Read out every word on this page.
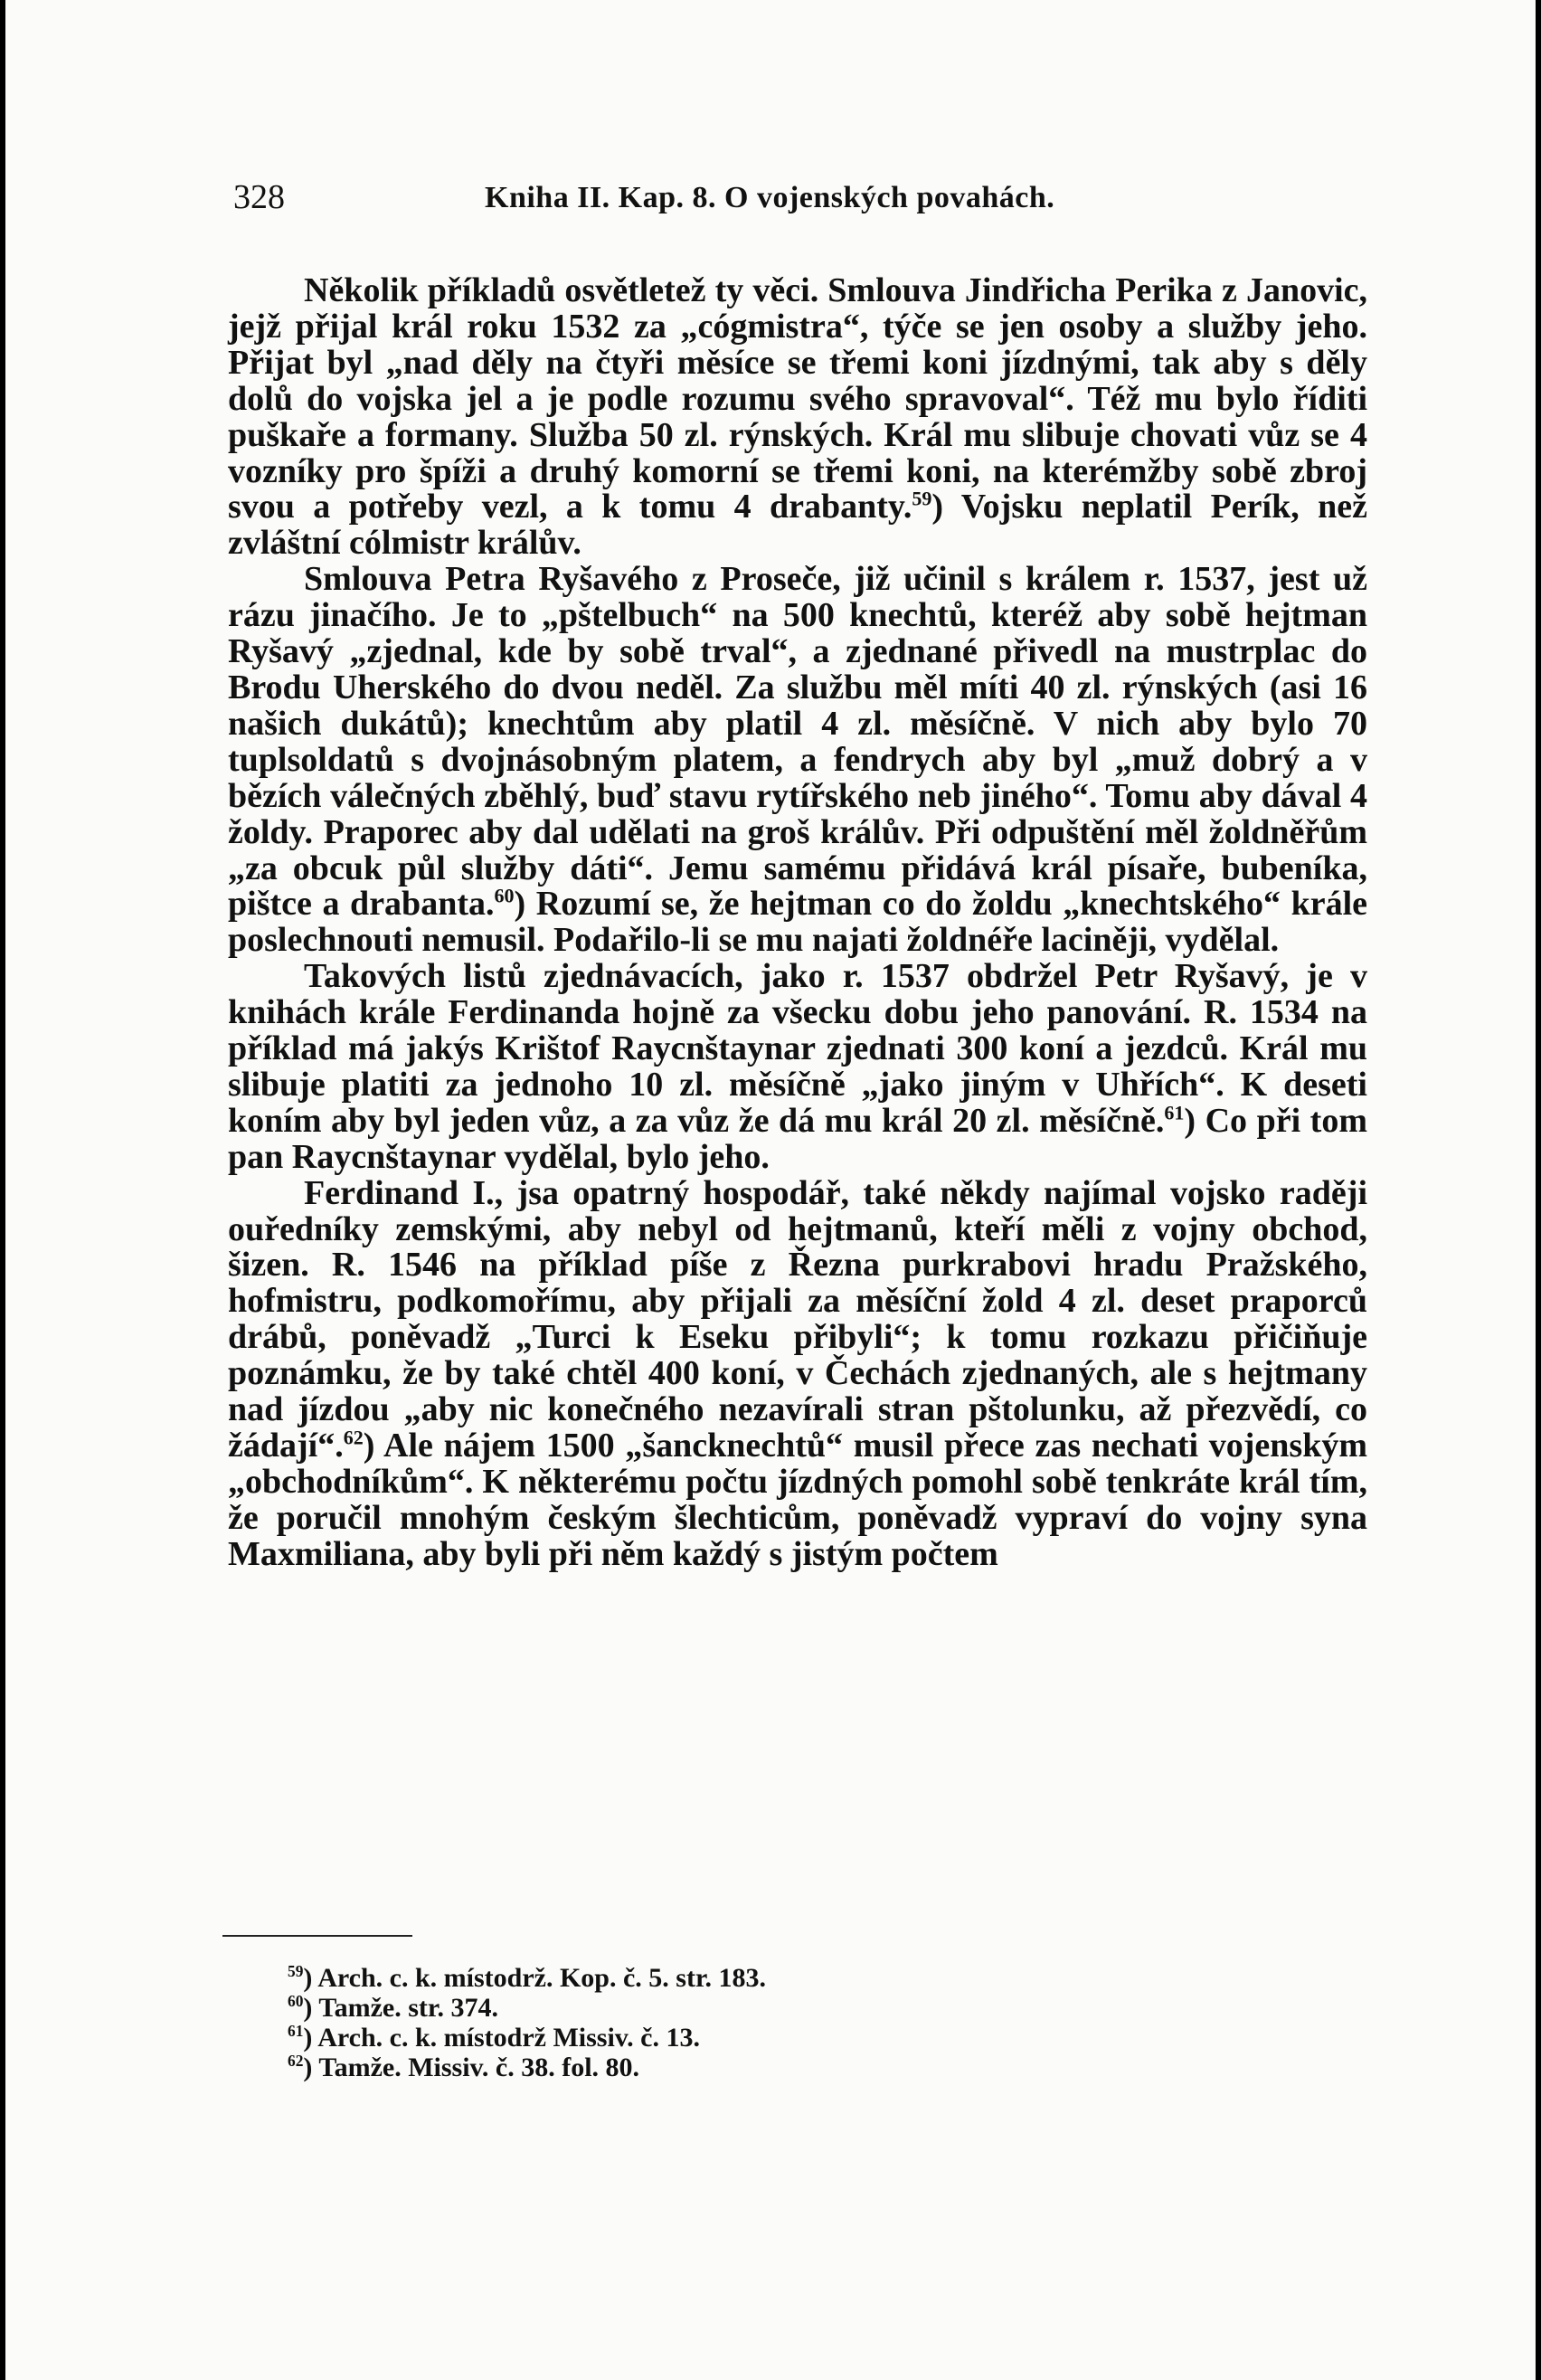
328	Kniha II. Kap. 8. O vojenských povahách.

Několik příkladů osvětletež ty věci. Smlouva Jindřicha Perika z Janovic, jejž přijal král roku 1532 za „cógmistra“, týče se jen osoby a služby jeho. Přijat byl „nad děly na čtyři měsíce se třemi koni jízdnými, tak aby s děly dolů do vojska jel a je podle rozumu svého spravoval“. Též mu bylo říditi puškaře a formany. Služba 50 zl. rýnských. Král mu slibuje chovati vůz se 4 vozníky pro špíži a druhý komorní se třemi koni, na kterémžby sobě zbroj svou a potřeby vezl, a k tomu 4 drabanty.$^{59}$) Vojsku neplatil Perík, než zvláštní cólmistr králův.

Smlouva Petra Ryšavého z Proseče, již učinil s králem r. 1537, jest už rázu jinačího. Je to „pštelbuch“ na 500 knechtů, kteréž aby sobě hejtman Ryšavý „zjednal, kde by sobě trval“, a zjednané přivedl na mustrplac do Brodu Uherského do dvou neděl. Za službu měl míti 40 zl. rýnských (asi 16 našich dukátů); knechtům aby platil 4 zl. měsíčně. V nich aby bylo 70 tuplsoldatů s dvojnásobným platem, a fendrych aby byl „muž dobrý a v bězích válečných zběhlý, buď stavu rytířského neb jiného“. Tomu aby dával 4 žoldy. Praporec aby dal udělati na groš králův. Při odpuštění měl žoldněřům „za obcuk půl služby dáti“. Jemu samému přidává král písaře, bubeníka, pištce a drabanta.$^{60}$) Rozumí se, že hejtman co do žoldu „knechtského“ krále poslechnouti nemusil. Podařilo-li se mu najati žoldnéře laciněji, vydělal.

Takových listů zjednávacích, jako r. 1537 obdržel Petr Ryšavý, je v knihách krále Ferdinanda hojně za všecku dobu jeho panování. R. 1534 na příklad má jakýs Krištof Raycnštaynar zjednati 300 koní a jezdců. Král mu slibuje platiti za jednoho 10 zl. měsíčně „jako jiným v Uhřích“. K deseti koním aby byl jeden vůz, a za vůz že dá mu král 20 zl. měsíčně.$^{61}$) Co při tom pan Raycnštaynar vydělal, bylo jeho.

Ferdinand I., jsa opatrný hospodář, také někdy najímal vojsko raději ouředníky zemskými, aby nebyl od hejtmanů, kteří měli z vojny obchod, šizen. R. 1546 na příklad píše z Řezna purkrabovi hradu Pražského, hofmistru, podkomořímu, aby přijali za měsíční žold 4 zl. deset praporců drábů, poněvadž „Turci k Eseku přibyli“; k tomu rozkazu přičiňuje poznámku, že by také chtěl 400 koní, v Čechách zjednaných, ale s hejtmany nad jízdou „aby nic konečného nezavírali stran pštolunku, až přezvědí, co žádají“.$^{62}$) Ale nájem 1500 „šancknechtů“ musil přece zas nechati vojenským „obchodníkům“. K některému počtu jízdných pomohl sobě tenkráte král tím, že poručil mnohým českým šlechticům, poněvadž vypraví do vojny syna Maxmiliana, aby byli při něm každý s jistým počtem

$^{59}$) Arch. c. k. místodrž. Kop. č. 5. str. 183.
$^{60}$) Tamže. str. 374.
$^{61}$) Arch. c. k. místodrž Missiv. č. 13.
$^{62}$) Tamže. Missiv. č. 38. fol. 80.
